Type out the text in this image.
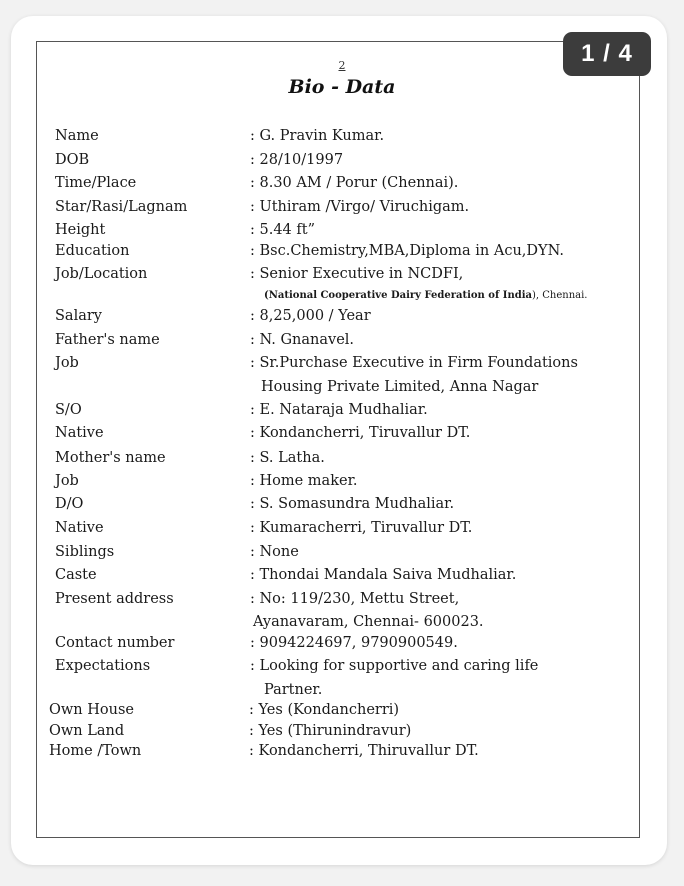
1 / 4
2
Bio - Data
Name
DOB
Time/Place
Star/Rasi/Lagnam
Height
Education
Job/Location
Salary
Father's name
Job
S/O
Native
Mother's name
Job
D/O
Native
Siblings
Caste
Present address
Contact number
Expectations
Own House
Own Land
Home /Town
: G. Pravin Kumar.
: 28/10/1997
: 8.30 AM / Porur (Chennai).
: Uthiram /Virgo/ Viruchigam.
: 5.44 ft”
: Bsc.Chemistry,MBA,Diploma in Acu,DYN.
: Senior Executive in NCDFI,
(National Cooperative Dairy Federation of India), Chennai.
: 8,25,000 / Year
: N. Gnanavel.
: Sr.Purchase Executive in Firm Foundations
Housing Private Limited, Anna Nagar
: E. Nataraja Mudhaliar.
: Kondancherri, Tiruvallur DT.
: S. Latha.
: Home maker.
: S. Somasundra Mudhaliar.
: Kumaracherri, Tiruvallur DT.
: None
: Thondai Mandala Saiva Mudhaliar.
: No: 119/230, Mettu Street,
Ayanavaram, Chennai- 600023.
: 9094224697, 9790900549.
: Looking for supportive and caring life
Partner.
: Yes (Kondancherri)
: Yes (Thirunindravur)
: Kondancherri, Thiruvallur DT.
